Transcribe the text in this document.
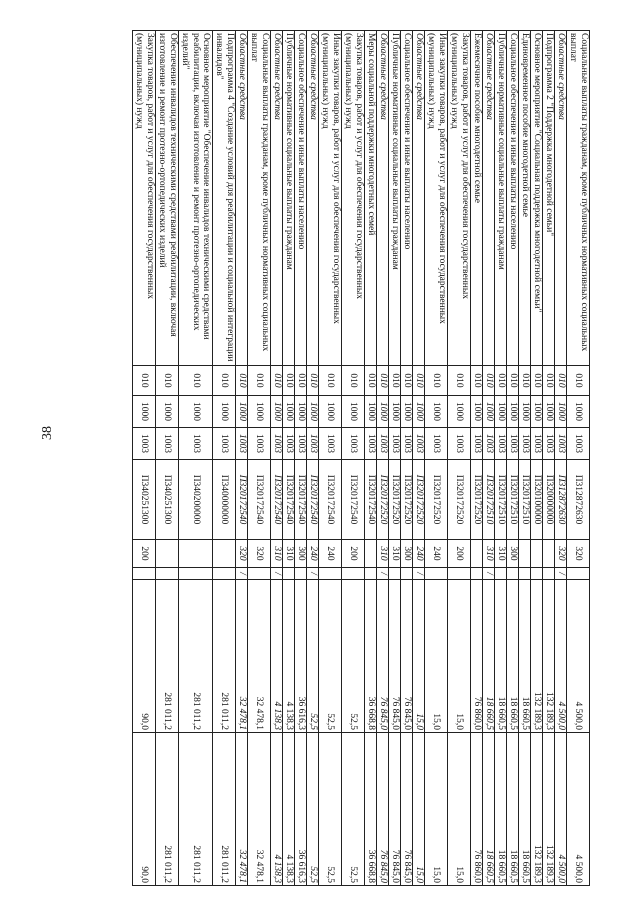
38
Социальные выплаты гражданам, кроме публичных нормативных социальных выплат	010	1000	1003	П312872630	320		4 500,0	4 500,0
Областные средства	010	1000	1003	П312872630	320	/	4 500,0	4 500,0
Подпрограмма 2 "Поддержка многодетной семьи"	010	1000	1003	П320000000			132 189,3	132 189,3
Основное мероприятие "Социальная поддержка многодетной семьи"	010	1000	1003	П320100000			132 189,3	132 189,3
Единовременное пособие многодетной семье	010	1000	1003	П320172510			18 660,5	18 660,5
Социальное обеспечение и иные выплаты населению	010	1000	1003	П320172510	300		18 660,5	18 660,5
Публичные нормативные социальные выплаты гражданам	010	1000	1003	П320172510	310		18 660,5	18 660,5
Областные средства	010	1000	1003	П320172510	310	/	18 660,5	18 660,5
Ежемесячное пособие многодетной семье	010	1000	1003	П320172520			76 860,0	76 860,0
Закупка товаров, работ и услуг для обеспечения государственных (муниципальных) нужд	010	1000	1003	П320172520	200		15,0	15,0
Иные закупки товаров, работ и услуг для обеспечения государственных (муниципальных) нужд	010	1000	1003	П320172520	240		15,0	15,0
Областные средства	010	1000	1003	П320172520	240	/	15,0	15,0
Социальное обеспечение и иные выплаты населению	010	1000	1003	П320172520	300		76 845,0	76 845,0
Публичные нормативные социальные выплаты гражданам	010	1000	1003	П320172520	310		76 845,0	76 845,0
Областные средства	010	1000	1003	П320172520	310	/	76 845,0	76 845,0
Меры социальной поддержки многодетных семей	010	1000	1003	П320172540			36 668,8	36 668,8
Закупка товаров, работ и услуг для обеспечения государственных (муниципальных) нужд	010	1000	1003	П320172540	200		52,5	52,5
Иные закупки товаров, работ и услуг для обеспечения государственных (муниципальных) нужд	010	1000	1003	П320172540	240		52,5	52,5
Областные средства	010	1000	1003	П320172540	240	/	52,5	52,5
Социальное обеспечение и иные выплаты населению	010	1000	1003	П320172540	300		36 616,3	36 616,3
Публичные нормативные социальные выплаты гражданам	010	1000	1003	П320172540	310		4 138,3	4 138,3
Областные средства	010	1000	1003	П320172540	310	/	4 138,3	4 138,3
Социальные выплаты гражданам, кроме публичных нормативных социальных выплат	010	1000	1003	П320172540	320		32 478,1	32 478,1
Областные средства	010	1000	1003	П320172540	320	/	32 478,1	32 478,1
Подпрограмма 4 "Создание условий для реабилитации и социальной интеграции инвалидов"	010	1000	1003	П340000000			281 011,2	281 011,2
Основное мероприятие "Обеспечение инвалидов техническими средствами реабилитации, включая изготовление и ремонт протезно-ортопедических изделий"	010	1000	1003	П340200000			281 011,2	281 011,2
Обеспечение инвалидов техническими средствами реабилитации, включая изготовление и ремонт протезно-ортопедических изделий	010	1000	1003	П340251300			281 011,2	281 011,2
Закупка товаров, работ и услуг для обеспечения государственных (муниципальных) нужд	010	1000	1003	П340251300	200		90,0	90,0
